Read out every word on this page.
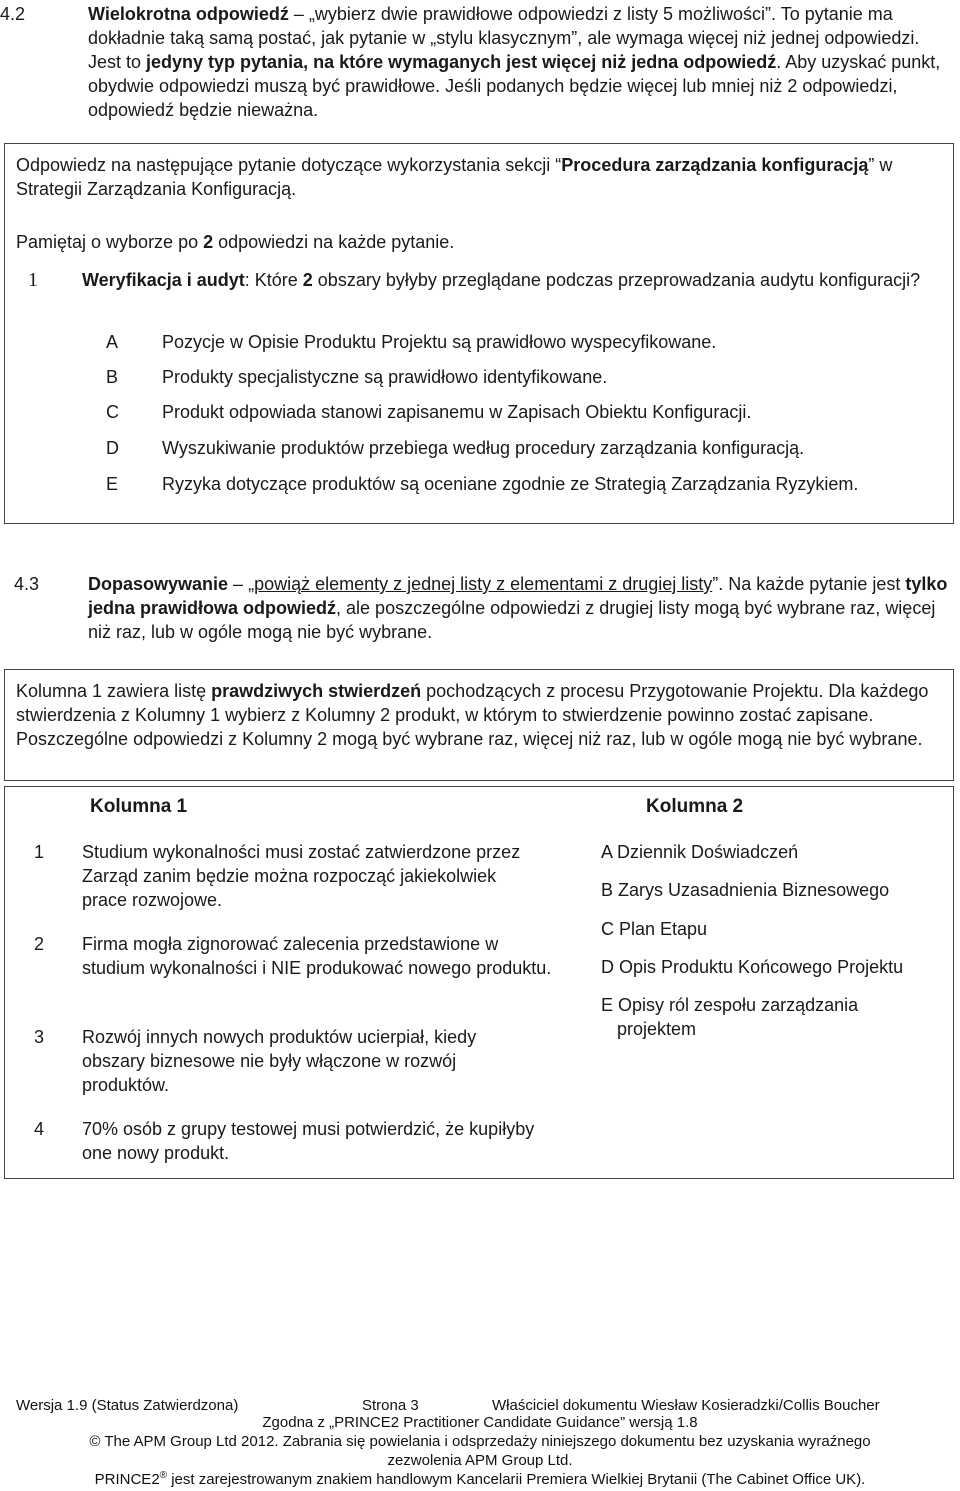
4.2	Wielokrotna odpowiedź – „wybierz dwie prawidłowe odpowiedzi z listy 5 możliwości”. To pytanie ma dokładnie taką samą postać, jak pytanie w „stylu klasycznym”, ale wymaga więcej niż jednej odpowiedzi. Jest to jedyny typ pytania, na które wymaganych jest więcej niż jedna odpowiedź. Aby uzyskać punkt, obydwie odpowiedzi muszą być prawidłowe. Jeśli podanych będzie więcej lub mniej niż 2 odpowiedzi, odpowiedź będzie nieważna.
Odpowiedz na następujące pytanie dotyczące wykorzystania sekcji “Procedura zarządzania konfiguracją” w Strategii Zarządzania Konfiguracją.
Pamiętaj o wyborze po 2 odpowiedzi na każde pytanie.
1 Weryfikacja i audyt: Które 2 obszary byłyby przeglądane podczas przeprowadzania audytu konfiguracji?
A Pozycje w Opisie Produktu Projektu są prawidłowo wyspecyfikowane.
B Produkty specjalistyczne są prawidłowo identyfikowane.
C Produkt odpowiada stanowi zapisanemu w Zapisach Obiektu Konfiguracji.
D Wyszukiwanie produktów przebiega według procedury zarządzania konfiguracją.
E Ryzyka dotyczące produktów są oceniane zgodnie ze Strategią Zarządzania Ryzykiem.
4.3	Dopasowywanie – „powiąż elementy z jednej listy z elementami z drugiej listy”. Na każde pytanie jest tylko jedna prawidłowa odpowiedź, ale poszczególne odpowiedzi z drugiej listy mogą być wybrane raz, więcej niż raz, lub w ogóle mogą nie być wybrane.
Kolumna 1 zawiera listę prawdziwych stwierdzeń pochodzących z procesu Przygotowanie Projektu. Dla każdego stwierdzenia z Kolumny 1 wybierz z Kolumny 2 produkt, w którym to stwierdzenie powinno zostać zapisane. Poszczególne odpowiedzi z Kolumny 2 mogą być wybrane raz, więcej niż raz, lub w ogóle mogą nie być wybrane.
Kolumna 1	Kolumna 2
1 Studium wykonalności musi zostać zatwierdzone przez Zarząd zanim będzie można rozpocząć jakiekolwiek prace rozwojowe.
2 Firma mogła zignorować zalecenia przedstawione w studium wykonalności i NIE produkować nowego produktu.
3 Rozwój innych nowych produktów ucierpiał, kiedy obszary biznesowe nie były włączone w rozwój produktów.
4 70% osób z grupy testowej musi potwierdzić, że kupiłyby one nowy produkt.
A Dziennik Doświadczeń
B Zarys Uzasadnienia Biznesowego
C Plan Etapu
D Opis Produktu Końcowego Projektu
E Opisy ról zespołu zarządzania
projektem
Wersja 1.9 (Status Zatwierdzona)	Strona 3	Właściciel dokumentu Wiesław Kosieradzki/Collis Boucher
Zgodna z „PRINCE2 Practitioner Candidate Guidance” wersją 1.8
© The APM Group Ltd 2012. Zabrania się powielania i odsprzedaży niniejszego dokumentu bez uzyskania wyraźnego
zezwolenia APM Group Ltd.
PRINCE2® jest zarejestrowanym znakiem handlowym Kancelarii Premiera Wielkiej Brytanii (The Cabinet Office UK).
